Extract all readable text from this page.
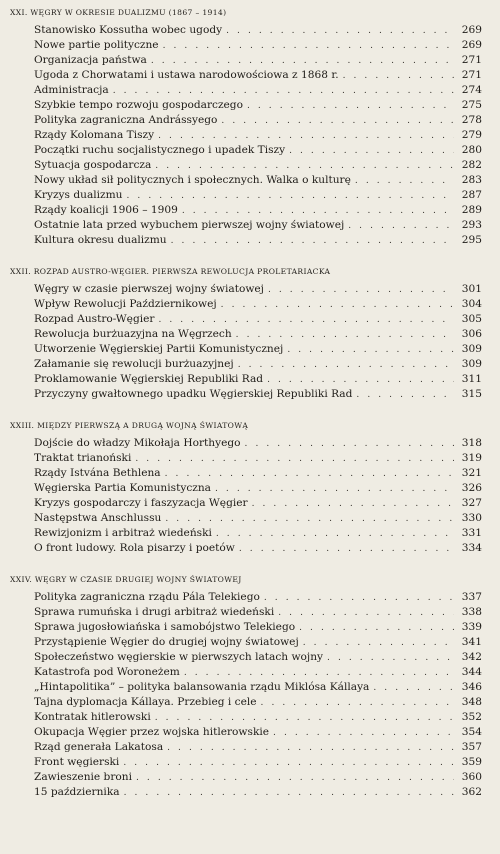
XXI. WĘGRY W OKRESIE DUALIZMU (1867 – 1914)
Stanowisko Kossutha wobec ugody . . .	269
Nowe partie polityczne . . .	269
Organizacja państwa . . .	271
Ugoda z Chorwatami i ustawa narodowościowa z 1868 r. . . .	271
Administracja . . .	274
Szybkie tempo rozwoju gospodarczego . . .	275
Polityka zagraniczna Andrássyego . . .	278
Rządy Kolomana Tiszy . . .	279
Początki ruchu socjalistycznego i upadek Tiszy . . .	280
Sytuacja gospodarcza . . .	282
Nowy układ sił politycznych i społecznych. Walka o kulturę . . .	283
Kryzys dualizmu . . .	287
Rządy koalicji 1906 – 1909 . . .	289
Ostatnie lata przed wybuchem pierwszej wojny światowej . . .	293
Kultura okresu dualizmu . . .	295
XXII. ROZPAD AUSTRO-WĘGIER. PIERWSZA REWOLUCJA PROLETARIACKA
Węgry w czasie pierwszej wojny światowej . . .	301
Wpływ Rewolucji Październikowej . . .	304
Rozpad Austro-Węgier . . .	305
Rewolucja burżuazyjna na Węgrzech . . .	306
Utworzenie Węgierskiej Partii Komunistycznej . . .	309
Załamanie się rewolucji burżuazyjnej . . .	309
Proklamowanie Węgierskiej Republiki Rad . . .	311
Przyczyny gwałtownego upadku Węgierskiej Republiki Rad . . .	315
XXIII. MIĘDZY PIERWSZĄ A DRUGĄ WOJNĄ ŚWIATOWĄ
Dojście do władzy Mikołaja Horthyego . . .	318
Traktat trianoński . . .	319
Rządy Istvána Bethlena . . .	321
Węgierska Partia Komunistyczna . . .	326
Kryzys gospodarczy i faszyzacja Węgier . . .	327
Następstwa Anschlussu . . .	330
Rewizjonizm i arbitraż wiedeński . . .	331
O front ludowy. Rola pisarzy i poetów . . .	334
XXIV. WĘGRY W CZASIE DRUGIEJ WOJNY ŚWIATOWEJ
Polityka zagraniczna rządu Pála Telekiego . . .	337
Sprawa rumuńska i drugi arbitraż wiedeński . . .	338
Sprawa jugosłowiańska i samobójstwo Telekiego . . .	339
Przystąpienie Węgier do drugiej wojny światowej . . .	341
Społeczeństwo węgierskie w pierwszych latach wojny . . .	342
Katastrofa pod Woroneżem . . .	344
„Hintapolitika” – polityka balansowania rządu Miklósa Kállaya . . .	346
Tajna dyplomacja Kállaya. Przebieg i cele . . .	348
Kontratak hitlerowski . . .	352
Okupacja Węgier przez wojska hitlerowskie . . .	354
Rząd generała Lakatosa . . .	357
Front węgierski . . .	359
Zawieszenie broni . . .	360
15 października . . .	362
